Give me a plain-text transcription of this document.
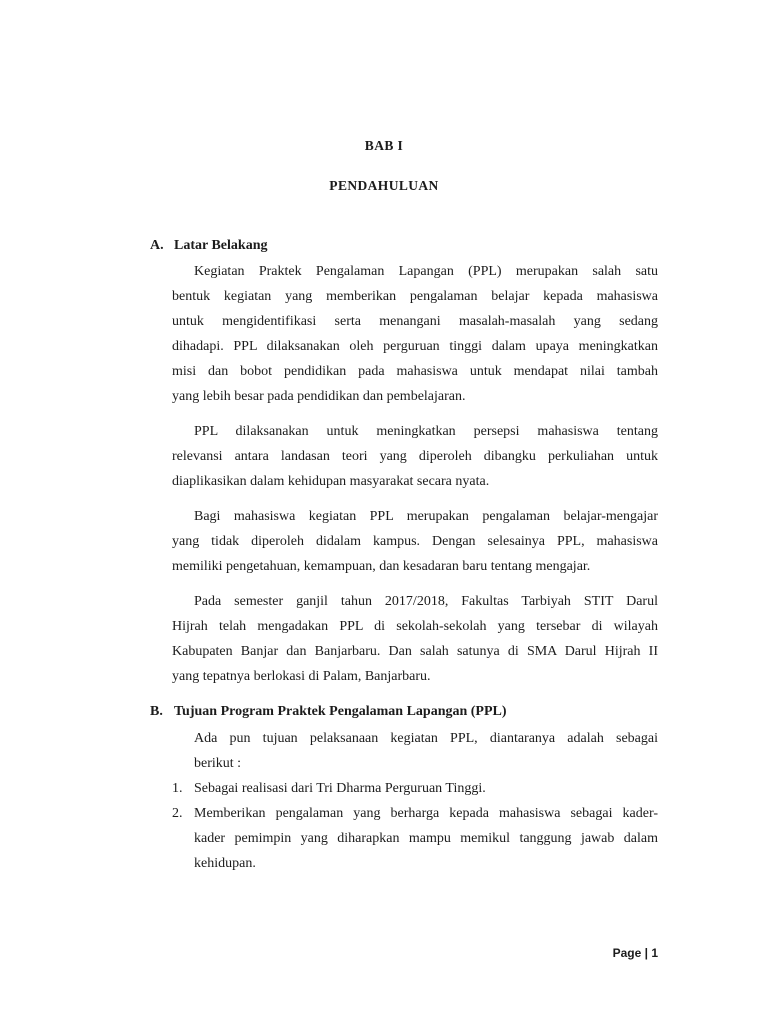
BAB I
PENDAHULUAN
A. Latar Belakang
Kegiatan Praktek Pengalaman Lapangan (PPL) merupakan salah satu
bentuk kegiatan yang memberikan pengalaman belajar kepada mahasiswa
untuk mengidentifikasi serta menangani masalah-masalah yang sedang
dihadapi. PPL dilaksanakan oleh perguruan tinggi dalam upaya meningkatkan
misi dan bobot pendidikan pada mahasiswa untuk mendapat nilai tambah
yang lebih besar pada pendidikan dan pembelajaran.
PPL dilaksanakan untuk meningkatkan persepsi mahasiswa tentang
relevansi antara landasan teori yang diperoleh dibangku perkuliahan untuk
diaplikasikan dalam kehidupan masyarakat secara nyata.
Bagi mahasiswa kegiatan PPL merupakan pengalaman belajar-mengajar
yang tidak diperoleh didalam kampus. Dengan selesainya PPL, mahasiswa
memiliki pengetahuan, kemampuan, dan kesadaran baru tentang mengajar.
Pada semester ganjil tahun 2017/2018, Fakultas Tarbiyah STIT Darul
Hijrah telah mengadakan PPL di sekolah-sekolah yang tersebar di wilayah
Kabupaten Banjar dan Banjarbaru. Dan salah satunya di SMA Darul Hijrah II
yang tepatnya berlokasi di Palam, Banjarbaru.
B. Tujuan Program Praktek Pengalaman Lapangan (PPL)
Ada pun tujuan pelaksanaan kegiatan PPL, diantaranya adalah sebagai
berikut :
1. Sebagai realisasi dari Tri Dharma Perguruan Tinggi.
2. Memberikan pengalaman yang berharga kepada mahasiswa sebagai kader-
kader pemimpin yang diharapkan mampu memikul tanggung jawab dalam
kehidupan.
Page | 1
